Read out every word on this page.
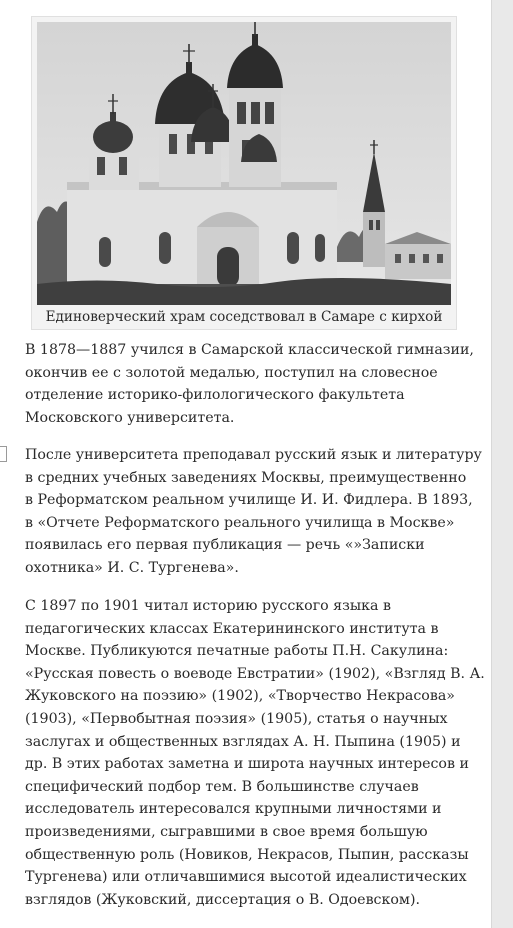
Единоверческий храм соседствовал в Самаре с кирхой

В 1878—1887 учился в Самарской классической гимназии,
окончив ее с золотой медалью, поступил на словесное
отделение историко-филологического факультета
Московского университета.

После университета преподавал русский язык и литературу
в средних учебных заведениях Москвы, преимущественно
в Реформатском реальном училище И. И. Фидлера. В 1893,
в «Отчете Реформатского реального училища в Москве»
появилась его первая публикация — речь «»Записки
охотника» И. С. Тургенева».

С 1897 по 1901 читал историю русского языка в
педагогических классах Екатерининского института в
Москве. Публикуются печатные работы П.Н. Сакулина:
«Русская повесть о воеводе Евстратии» (1902), «Взгляд В. А.
Жуковского на поэзию» (1902), «Творчество Некрасова»
(1903), «Первобытная поэзия» (1905), статья о научных
заслугах и общественных взглядах А. Н. Пыпина (1905) и
др. В этих работах заметна и широта научных интересов и
специфический подбор тем. В большинстве случаев
исследователь интересовался крупными личностями и
произведениями, сыгравшими в свое время большую
общественную роль (Новиков, Некрасов, Пыпин, рассказы
Тургенева) или отличавшимися высотой идеалистических
взглядов (Жуковский, диссертация о В. Одоевском).
